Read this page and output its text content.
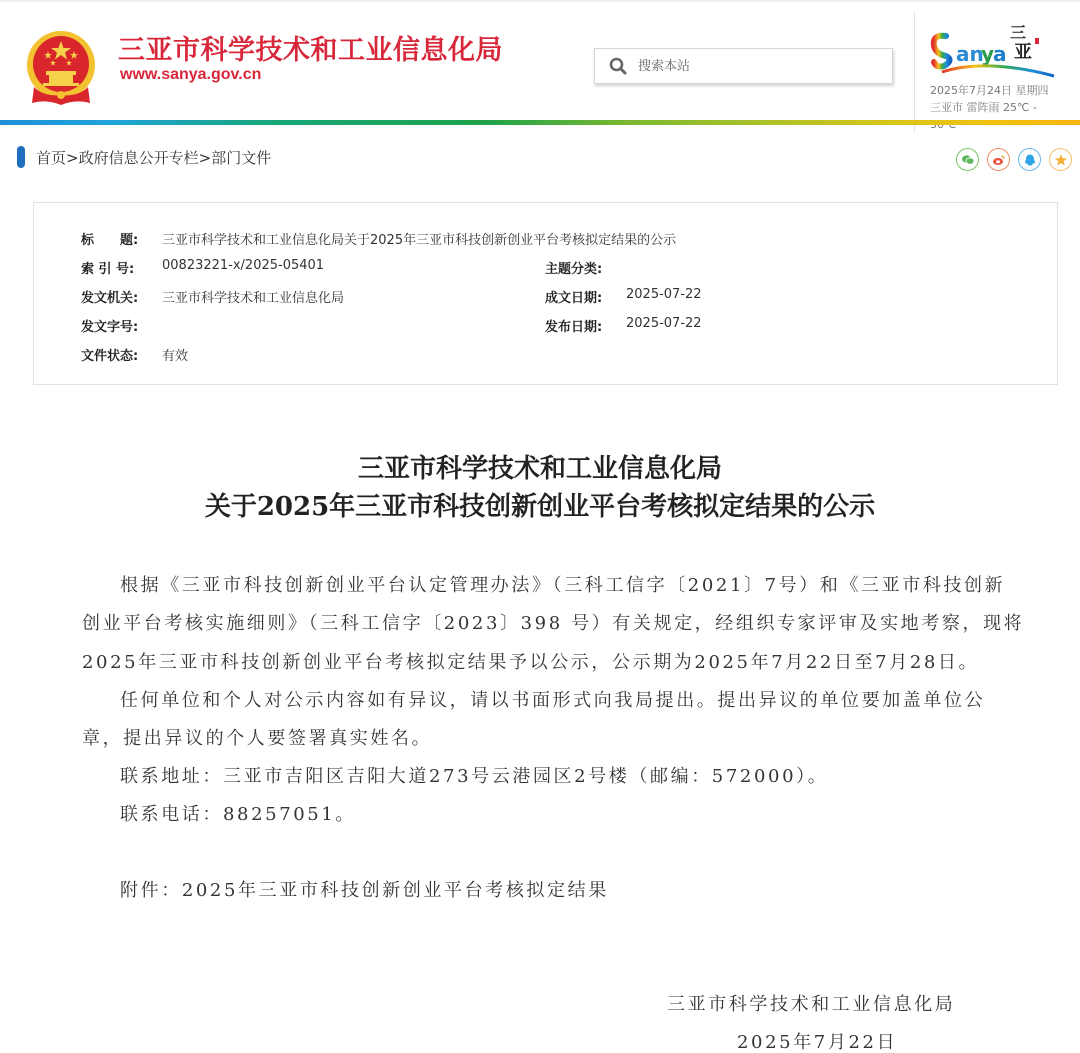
三亚市科学技术和工业信息化局
www.sanya.gov.cn
搜索本站
an
y
a
三
亚
2025年7月24日 星期四
三亚市 雷阵雨 25℃ -
首页>政府信息公开专栏>部门文件
标　　题: 三亚市科学技术和工业信息化局关于2025年三亚市科技创新创业平台考核拟定结果的公示
索 引 号: 00823221-x/2025-05401	主题分类:
发文机关: 三亚市科学技术和工业信息化局	成文日期: 2025-07-22
发文字号:	发布日期: 2025-07-22
文件状态: 有效
三亚市科学技术和工业信息化局
关于2025年三亚市科技创新创业平台考核拟定结果的公示
根据《三亚市科技创新创业平台认定管理办法》（三科工信字〔2021〕7号）和《三亚市科技创新
创业平台考核实施细则》（三科工信字〔2023〕398 号）有关规定，经组织专家评审及实地考察，现将
2025年三亚市科技创新创业平台考核拟定结果予以公示，公示期为2025年7月22日至7月28日。
任何单位和个人对公示内容如有异议，请以书面形式向我局提出。提出异议的单位要加盖单位公
章，提出异议的个人要签署真实姓名。
联系地址：三亚市吉阳区吉阳大道273号云港园区2号楼（邮编：572000）。
联系电话：88257051。
附件：2025年三亚市科技创新创业平台考核拟定结果
三亚市科学技术和工业信息化局
2025年7月22日
